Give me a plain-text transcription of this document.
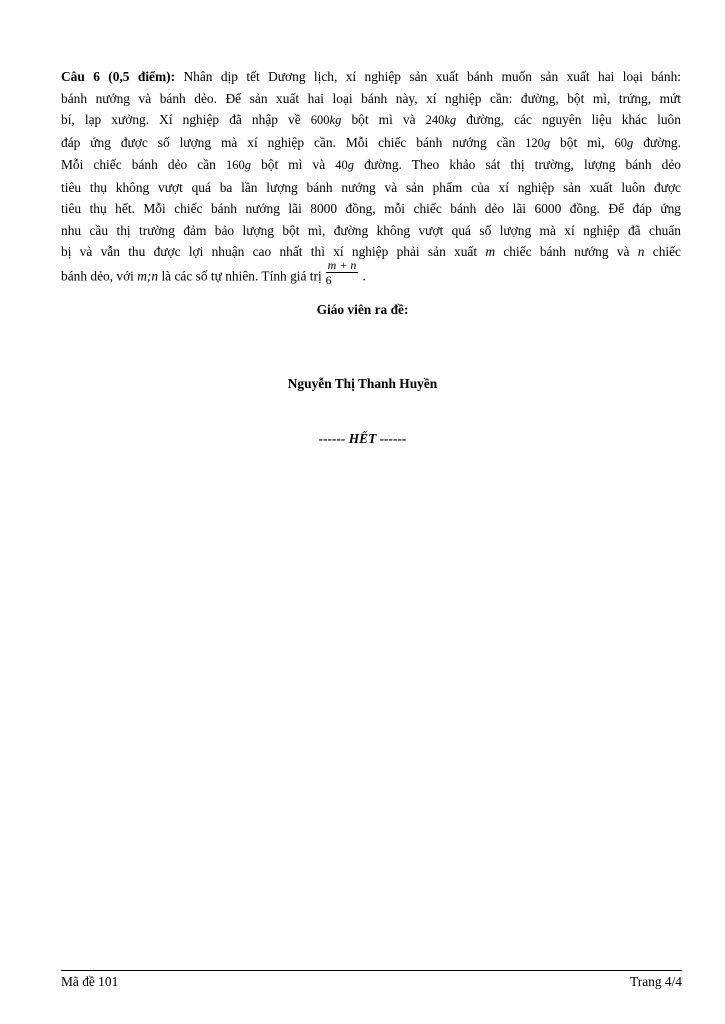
Câu 6 (0,5 điểm): Nhân dịp tết Dương lịch, xí nghiệp sản xuất bánh muốn sản xuất hai loại bánh:
bánh nướng và bánh dẻo. Để sản xuất hai loại bánh này, xí nghiệp cần: đường, bột mì, trứng, mứt
bí, lạp xưởng. Xí nghiệp đã nhập về 600kg bột mì và 240kg đường, các nguyên liệu khác luôn
đáp ứng được số lượng mà xí nghiệp cần. Mỗi chiếc bánh nướng cần 120g bột mì, 60g đường.
Mỗi chiếc bánh dẻo cần 160g bột mì và 40g đường. Theo khảo sát thị trường, lượng bánh dẻo
tiêu thụ không vượt quá ba lần lượng bánh nướng và sản phẩm của xí nghiệp sản xuất luôn được
tiêu thụ hết. Mỗi chiếc bánh nướng lãi 8000 đồng, mỗi chiếc bánh dẻo lãi 6000 đồng. Để đáp ứng
nhu cầu thị trường đảm bảo lượng bột mì, đường không vượt quá số lượng mà xí nghiệp đã chuẩn
bị và vẫn thu được lợi nhuận cao nhất thì xí nghiệp phải sản xuất m chiếc bánh nướng và n chiếc
bánh dẻo, với m;n là các số tự nhiên. Tính giá trị $\frac{m + n}{6}$ .
Giáo viên ra đề:
Nguyễn Thị Thanh Huyền
------ HẾT ------
Mã đề 101	Trang 4/4
